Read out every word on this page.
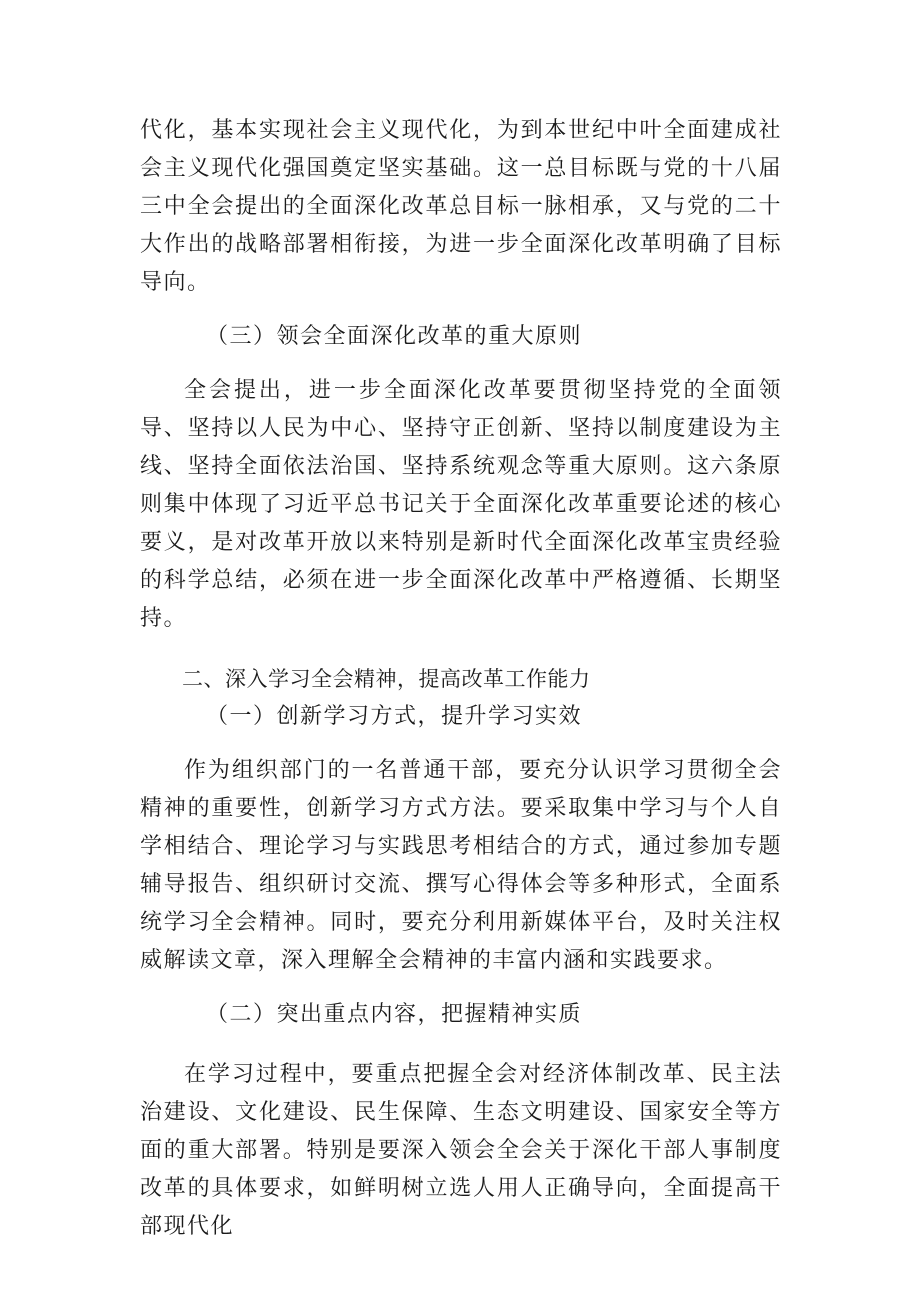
代化，基本实现社会主义现代化，为到本世纪中叶全面建成社会主义现代化强国奠定坚实基础。这一总目标既与党的十八届三中全会提出的全面深化改革总目标一脉相承，又与党的二十大作出的战略部署相衔接，为进一步全面深化改革明确了目标导向。

（三）领会全面深化改革的重大原则

全会提出，进一步全面深化改革要贯彻坚持党的全面领导、坚持以人民为中心、坚持守正创新、坚持以制度建设为主线、坚持全面依法治国、坚持系统观念等重大原则。这六条原则集中体现了习近平总书记关于全面深化改革重要论述的核心要义，是对改革开放以来特别是新时代全面深化改革宝贵经验的科学总结，必须在进一步全面深化改革中严格遵循、长期坚持。

二、深入学习全会精神，提高改革工作能力

（一）创新学习方式，提升学习实效

作为组织部门的一名普通干部，要充分认识学习贯彻全会精神的重要性，创新学习方式方法。要采取集中学习与个人自学相结合、理论学习与实践思考相结合的方式，通过参加专题辅导报告、组织研讨交流、撰写心得体会等多种形式，全面系统学习全会精神。同时，要充分利用新媒体平台，及时关注权威解读文章，深入理解全会精神的丰富内涵和实践要求。

（二）突出重点内容，把握精神实质

在学习过程中，要重点把握全会对经济体制改革、民主法治建设、文化建设、民生保障、生态文明建设、国家安全等方面的重大部署。特别是要深入领会全会关于深化干部人事制度改革的具体要求，如鲜明树立选人用人正确导向，全面提高干部现代化
